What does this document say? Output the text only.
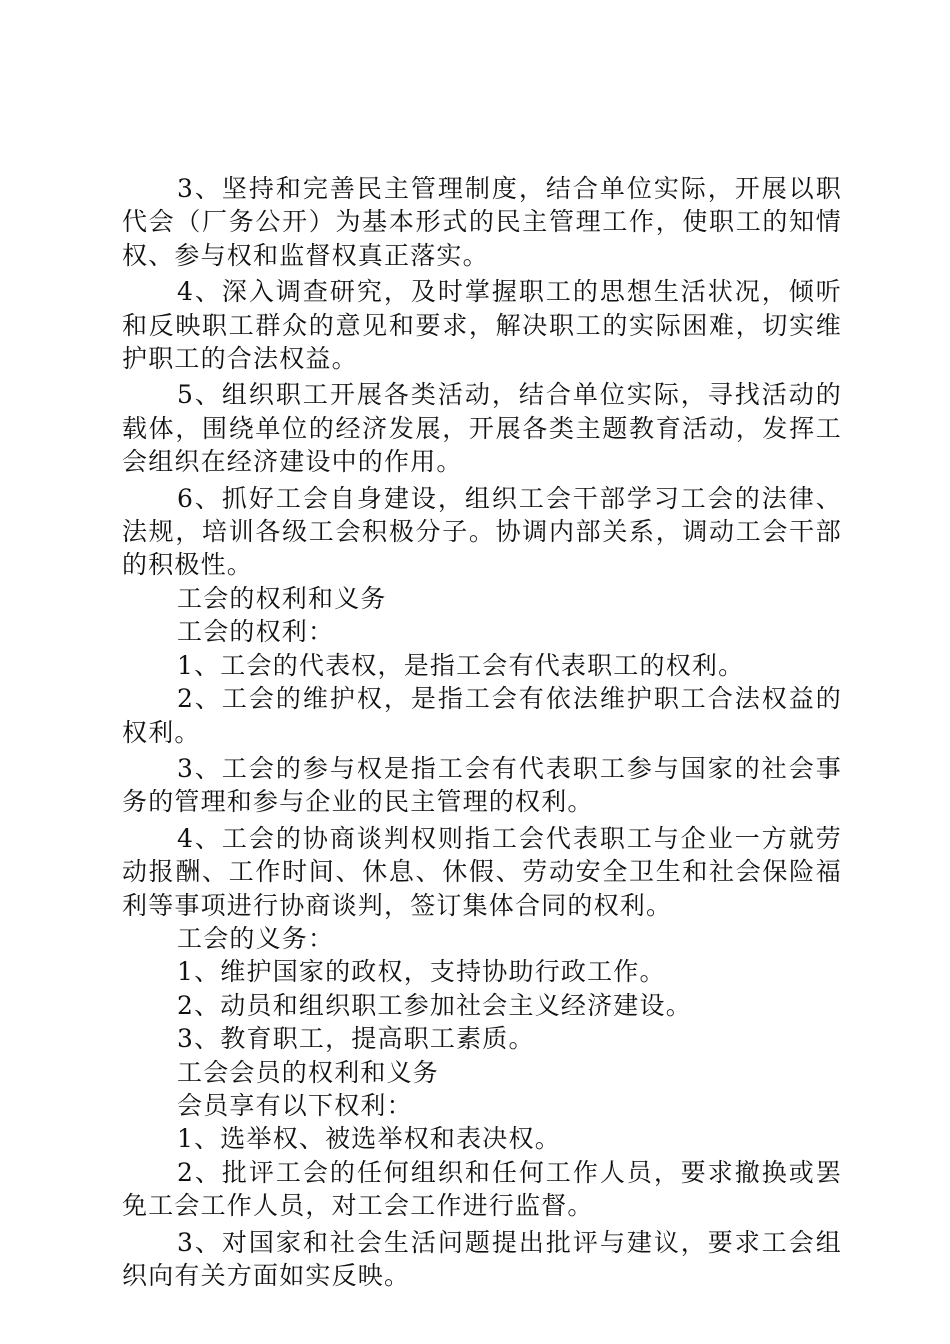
3、坚持和完善民主管理制度，结合单位实际，开展以职代会（厂务公开）为基本形式的民主管理工作，使职工的知情权、参与权和监督权真正落实。

4、深入调查研究，及时掌握职工的思想生活状况，倾听和反映职工群众的意见和要求，解决职工的实际困难，切实维护职工的合法权益。

5、组织职工开展各类活动，结合单位实际，寻找活动的载体，围绕单位的经济发展，开展各类主题教育活动，发挥工会组织在经济建设中的作用。

6、抓好工会自身建设，组织工会干部学习工会的法律、法规，培训各级工会积极分子。协调内部关系，调动工会干部的积极性。

工会的权利和义务

工会的权利：

1、工会的代表权，是指工会有代表职工的权利。

2、工会的维护权，是指工会有依法维护职工合法权益的权利。

3、工会的参与权是指工会有代表职工参与国家的社会事务的管理和参与企业的民主管理的权利。

4、工会的协商谈判权则指工会代表职工与企业一方就劳动报酬、工作时间、休息、休假、劳动安全卫生和社会保险福利等事项进行协商谈判，签订集体合同的权利。

工会的义务：

1、维护国家的政权，支持协助行政工作。

2、动员和组织职工参加社会主义经济建设。

3、教育职工，提高职工素质。

工会会员的权利和义务

会员享有以下权利：

1、选举权、被选举权和表决权。

2、批评工会的任何组织和任何工作人员，要求撤换或罢免工会工作人员，对工会工作进行监督。

3、对国家和社会生活问题提出批评与建议，要求工会组织向有关方面如实反映。
